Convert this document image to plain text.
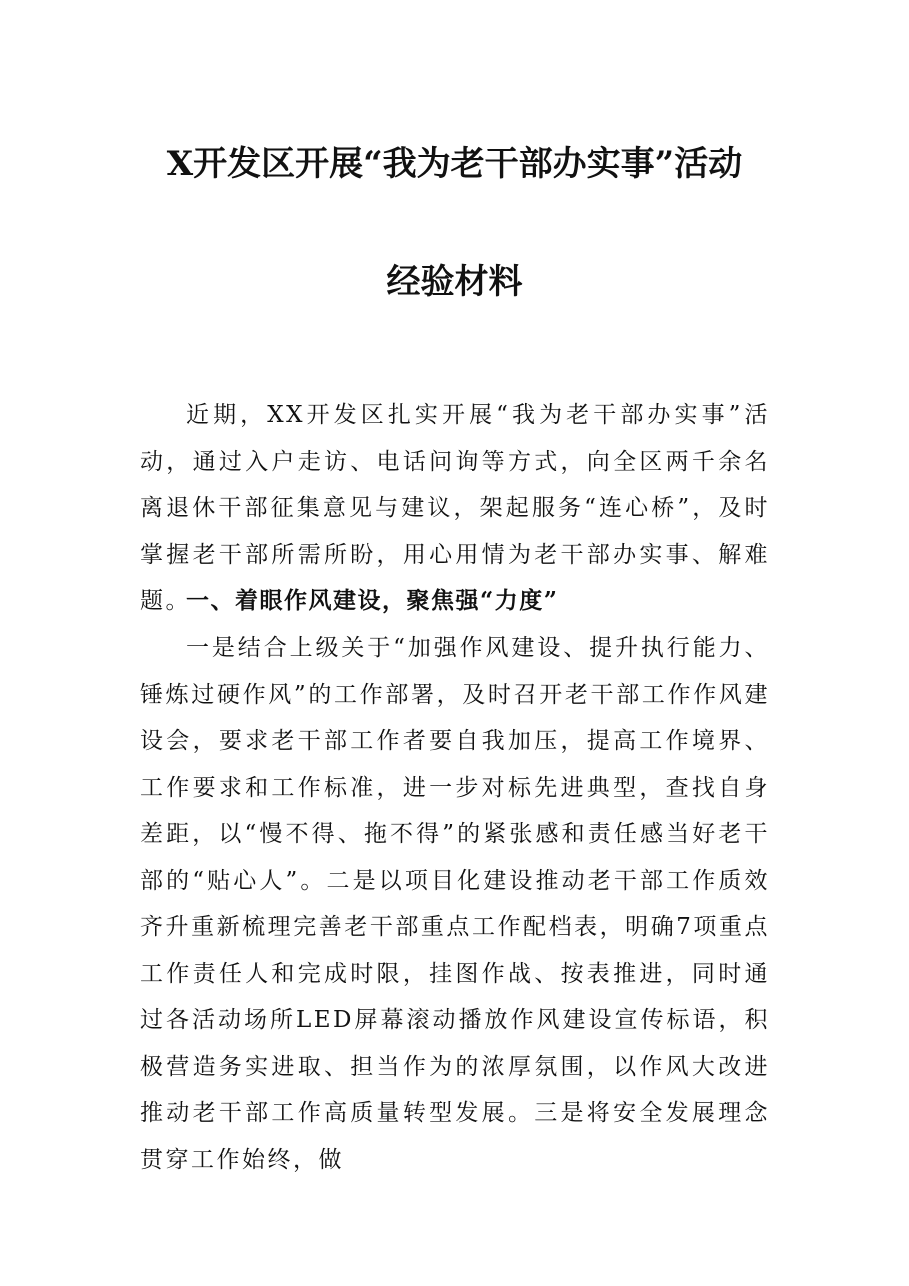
X开发区开展“我为老干部办实事”活动
经验材料

近期，XX开发区扎实开展“我为老干部办实事”活动，通过入户走访、电话问询等方式，向全区两千余名离退休干部征集意见与建议，架起服务“连心桥”，及时掌握老干部所需所盼，用心用情为老干部办实事、解难题。

一、着眼作风建设，聚焦强“力度”

一是结合上级关于“加强作风建设、提升执行能力、锤炼过硬作风”的工作部署，及时召开老干部工作作风建设会，要求老干部工作者要自我加压，提高工作境界、工作要求和工作标准，进一步对标先进典型，查找自身差距，以“慢不得、拖不得”的紧张感和责任感当好老干部的“贴心人”。二是以项目化建设推动老干部工作质效齐升重新梳理完善老干部重点工作配档表，明确7项重点工作责任人和完成时限，挂图作战、按表推进，同时通过各活动场所LED屏幕滚动播放作风建设宣传标语，积极营造务实进取、担当作为的浓厚氛围，以作风大改进推动老干部工作高质量转型发展。三是将安全发展理念贯穿工作始终，做
